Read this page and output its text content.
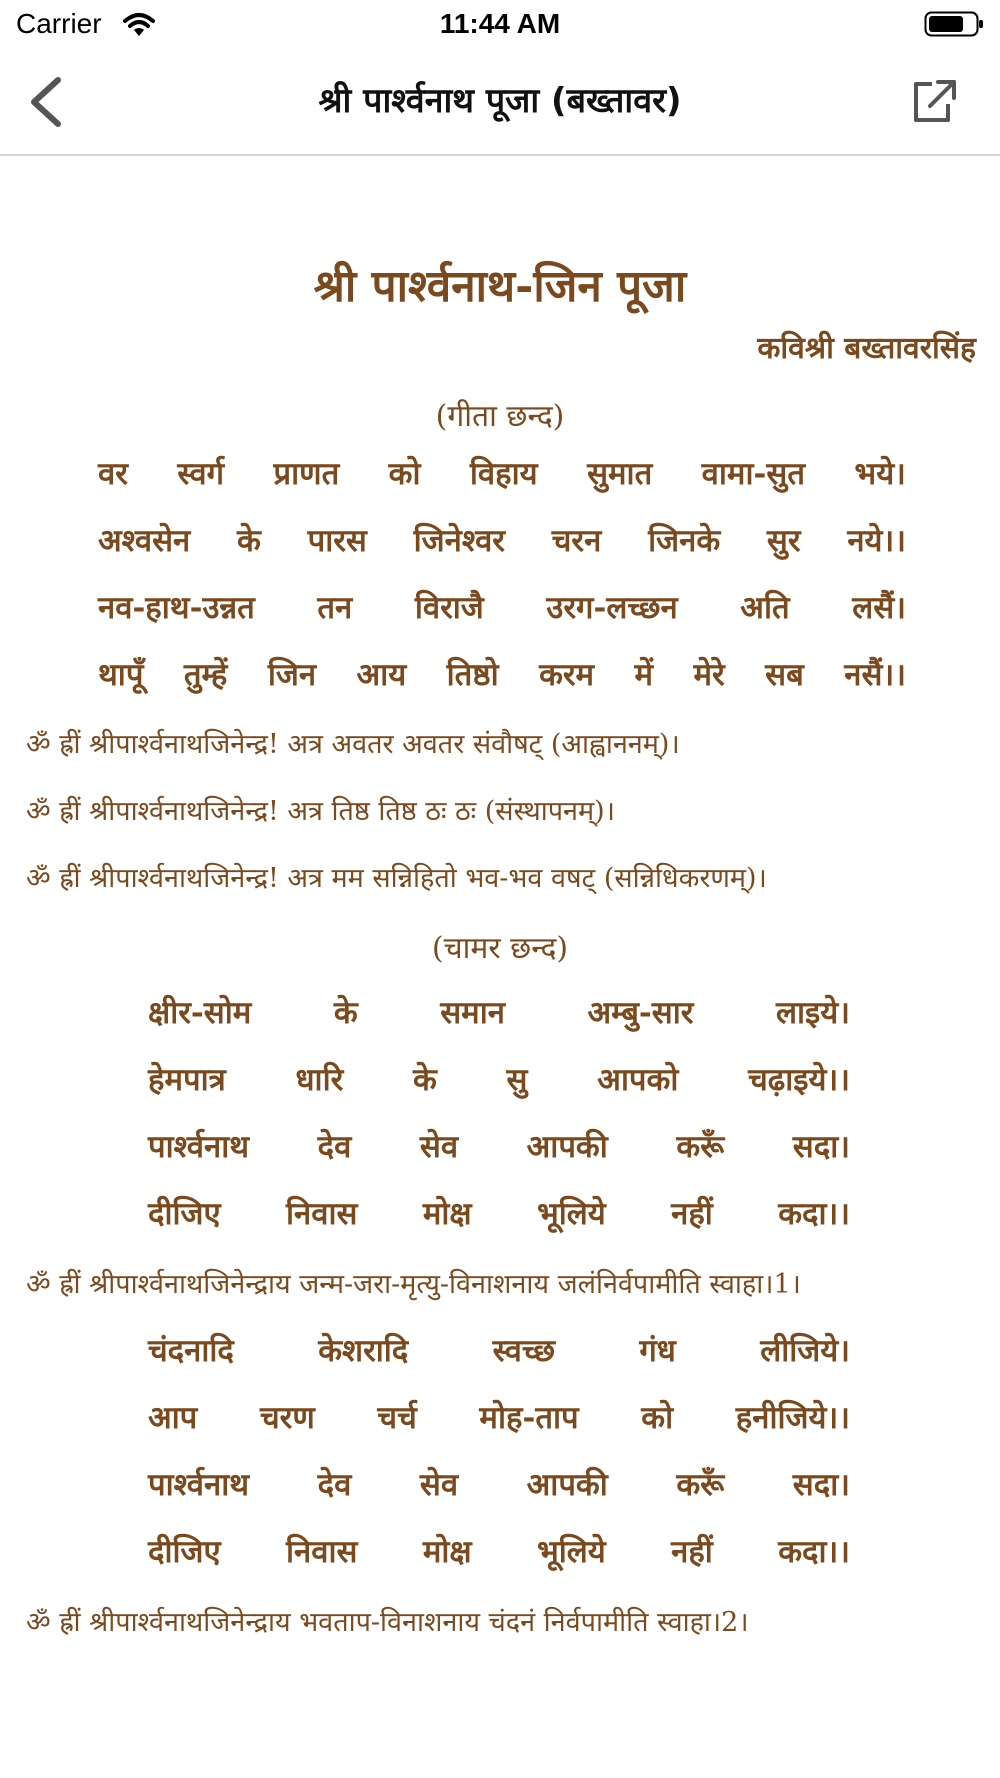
Carrier	11:44 AM
श्री पार्श्वनाथ पूजा (बख्तावर)
श्री पार्श्वनाथ-जिन पूजा
कविश्री बख्तावरसिंह
(गीता छन्द)
वर स्वर्ग प्राणत को विहाय सुमात वामा-सुत भये।
अश्वसेन के पारस जिनेश्वर चरन जिनके सुर नये।।
नव-हाथ-उन्नत तन विराजै उरग-लच्छन अति लसैं।
थापूँ तुम्हें जिन आय तिष्ठो करम में मेरे सब नसैं।।
ॐ ह्रीं श्रीपार्श्वनाथजिनेन्द्र! अत्र अवतर अवतर संवौषट् (आह्वाननम्)।
ॐ ह्रीं श्रीपार्श्वनाथजिनेन्द्र! अत्र तिष्ठ तिष्ठ ठः ठः (संस्थापनम्)।
ॐ ह्रीं श्रीपार्श्वनाथजिनेन्द्र! अत्र मम सन्निहितो भव-भव वषट् (सन्निधिकरणम्)।
(चामर छन्द)
क्षीर-सोम	के	समान	अम्बु-सार	लाइये।
हेमपात्र धारि के सु आपको चढ़ाइये।।
पार्श्वनाथ देव सेव आपकी करूँ सदा।
दीजिए निवास मोक्ष भूलिये नहीं कदा।।
ॐ ह्रीं श्रीपार्श्वनाथजिनेन्द्राय जन्म-जरा-मृत्यु-विनाशनाय जलंनिर्वपामीति स्वाहा।1।
चंदनादि	केशरादि	स्वच्छ	गंध	लीजिये।
आप चरण चर्च मोह-ताप को हनीजिये।।
पार्श्वनाथ देव सेव आपकी करूँ सदा।
दीजिए निवास मोक्ष भूलिये नहीं कदा।।
ॐ ह्रीं श्रीपार्श्वनाथजिनेन्द्राय भवताप-विनाशनाय चंदनं निर्वपामीति स्वाहा।2।
